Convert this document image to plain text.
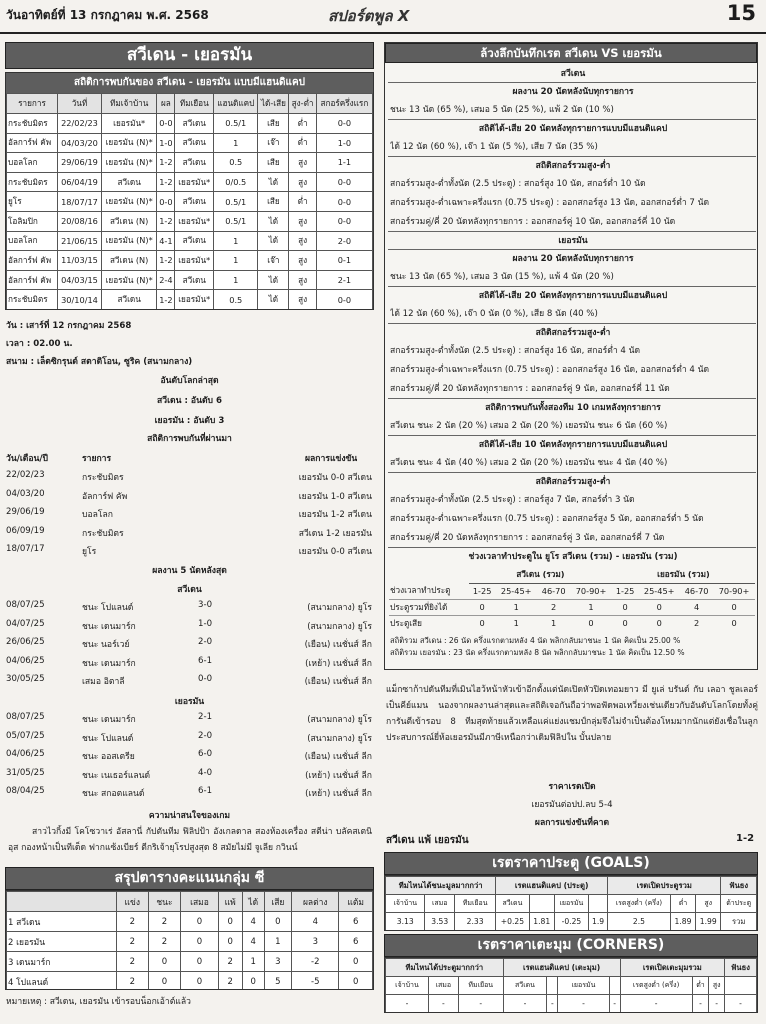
วันอาทิตย์ที่ 13 กรกฎาคม พ.ศ. 2568	สปอร์ตพูล X	15
สวีเดน - เยอรมัน
สถิติการพบกันของ สวีเดน - เยอรมัน แบบมีแฮนดิแคป
รายการ	วันที่	ทีมเจ้าบ้าน	ผล	ทีมเยือน	แฮนดิแคป	ได้-เสีย	สูง-ต่ำ	สกอร์ครึ่งแรก
กระชับมิตร	22/02/23	เยอรมัน*	0-0	สวีเดน	0.5/1	เสีย	ต่ำ	0-0
อัลการ์ฟ คัพ	04/03/20	เยอรมัน (N)*	1-0	สวีเดน	1	เจ๊า	ต่ำ	1-0
บอลโลก	29/06/19	เยอรมัน (N)*	1-2	สวีเดน	0.5	เสีย	สูง	1-1
กระชับมิตร	06/04/19	สวีเดน	1-2	เยอรมัน*	0/0.5	ได้	สูง	0-0
ยูโร	18/07/17	เยอรมัน (N)*	0-0	สวีเดน	0.5/1	เสีย	ต่ำ	0-0
โอลิมปิก	20/08/16	สวีเดน (N)	1-2	เยอรมัน*	0.5/1	ได้	สูง	0-0
บอลโลก	21/06/15	เยอรมัน (N)*	4-1	สวีเดน	1	ได้	สูง	2-0
อัลการ์ฟ คัพ	11/03/15	สวีเดน (N)	1-2	เยอรมัน*	1	เจ๊า	สูง	0-1
อัลการ์ฟ คัพ	04/03/15	เยอรมัน (N)*	2-4	สวีเดน	1	ได้	สูง	2-1
กระชับมิตร	30/10/14	สวีเดน	1-2	เยอรมัน*	0.5	ได้	สูง	0-0
วัน : เสาร์ที่ 12 กรกฎาคม 2568
เวลา : 02.00 น.
สนาม : เล็ตซิกรุนด์ สตาดิโอน, ซูริค (สนามกลาง)
อันดับโลกล่าสุด
สวีเดน : อันดับ 6
เยอรมัน : อันดับ 3
สถิติการพบกันที่ผ่านมา
วัน/เดือน/ปี	รายการ	ผลการแข่งขัน
22/02/23	กระชับมิตร	เยอรมัน 0-0 สวีเดน
04/03/20	อัลการ์ฟ คัพ	เยอรมัน 1-0 สวีเดน
29/06/19	บอลโลก	เยอรมัน 1-2 สวีเดน
06/09/19	กระชับมิตร	สวีเดน 1-2 เยอรมัน
18/07/17	ยูโร	เยอรมัน 0-0 สวีเดน
ผลงาน 5 นัดหลังสุด
สวีเดน
08/07/25	ชนะ โปแลนด์	3-0	(สนามกลาง) ยูโร
04/07/25	ชนะ เดนมาร์ก	1-0	(สนามกลาง) ยูโร
26/06/25	ชนะ นอร์เวย์	2-0	(เยือน) เนชั่นส์ ลีก
04/06/25	ชนะ เดนมาร์ก	6-1	(เหย้า) เนชั่นส์ ลีก
30/05/25	เสมอ อิตาลี	0-0	(เยือน) เนชั่นส์ ลีก
เยอรมัน
08/07/25	ชนะ เดนมาร์ก	2-1	(สนามกลาง) ยูโร
05/07/25	ชนะ โปแลนด์	2-0	(สนามกลาง) ยูโร
04/06/25	ชนะ ออสเตรีย	6-0	(เยือน) เนชั่นส์ ลีก
31/05/25	ชนะ เนเธอร์แลนด์	4-0	(เหย้า) เนชั่นส์ ลีก
08/04/25	ชนะ สกอตแลนด์	6-1	(เหย้า) เนชั่นส์ ลีก
ความน่าสนใจของเกม
สาวไวกิ้งมี โคโซวาเร่ อัสลานี่ กัปตันทีม ฟิลิปป้า อังเกลดาล สองห้องเครื่อง สตีน่า บลัคสเตนิอุส กองหน้าเป็นทีเด็ด ฟากแซ้งเบียร์ ตีกริเจ้ายุโรปสูงสุด 8 สมัยไม่มี จูเลีย กวินน์
สรุปตารางคะแนนกลุ่ม ซี
	แข่ง	ชนะ	เสมอ	แพ้	ได้	เสีย	ผลต่าง	แต้ม
1 สวีเดน	2	2	0	0	4	0	4	6
2 เยอรมัน	2	2	0	0	4	1	3	6
3 เดนมาร์ก	2	0	0	2	1	3	-2	0
4 โปแลนด์	2	0	0	2	0	5	-5	0
หมายเหตุ : สวีเดน, เยอรมัน เข้ารอบน็อกเอ้าต์แล้ว
ล้วงลึกบันทึกเรต สวีเดน VS เยอรมัน
สวีเดน
ผลงาน 20 นัดหลังนับทุกรายการ
ชนะ 13 นัด (65 %), เสมอ 5 นัด (25 %), แพ้ 2 นัด (10 %)
สถิติได้-เสีย 20 นัดหลังทุกรายการแบบมีแฮนดิแคป
ได้ 12 นัด (60 %), เจ๊า 1 นัด (5 %), เสีย 7 นัด (35 %)
สถิติสกอร์รวมสูง-ต่ำ
สกอร์รวมสูง-ต่ำทั้งนัด (2.5 ประตู) : สกอร์สูง 10 นัด, สกอร์ต่ำ 10 นัด
สกอร์รวมสูง-ต่ำเฉพาะครึ่งแรก (0.75 ประตู) : ออกสกอร์สูง 13 นัด, ออกสกอร์ต่ำ 7 นัด
สกอร์รวมคู่/คี่ 20 นัดหลังทุกรายการ : ออกสกอร์คู่ 10 นัด, ออกสกอร์คี่ 10 นัด
เยอรมัน
ผลงาน 20 นัดหลังนับทุกรายการ
ชนะ 13 นัด (65 %), เสมอ 3 นัด (15 %), แพ้ 4 นัด (20 %)
สถิติได้-เสีย 20 นัดหลังทุกรายการแบบมีแฮนดิแคป
ได้ 12 นัด (60 %), เจ๊า 0 นัด (0 %), เสีย 8 นัด (40 %)
สถิติสกอร์รวมสูง-ต่ำ
สกอร์รวมสูง-ต่ำทั้งนัด (2.5 ประตู) : สกอร์สูง 16 นัด, สกอร์ต่ำ 4 นัด
สกอร์รวมสูง-ต่ำเฉพาะครึ่งแรก (0.75 ประตู) : ออกสกอร์สูง 16 นัด, ออกสกอร์ต่ำ 4 นัด
สกอร์รวมคู่/คี่ 20 นัดหลังทุกรายการ : ออกสกอร์คู่ 9 นัด, ออกสกอร์คี่ 11 นัด
สถิติการพบกันทั้งสองทีม 10 เกมหลังทุกรายการ
สวีเดน ชนะ 2 นัด (20 %) เสมอ 2 นัด (20 %) เยอรมัน ชนะ 6 นัด (60 %)
สถิติได้-เสีย 10 นัดหลังทุกรายการแบบมีแฮนดิแคป
สวีเดน ชนะ 4 นัด (40 %) เสมอ 2 นัด (20 %) เยอรมัน ชนะ 4 นัด (40 %)
สถิติสกอร์รวมสูง-ต่ำ
สกอร์รวมสูง-ต่ำทั้งนัด (2.5 ประตู) : สกอร์สูง 7 นัด, สกอร์ต่ำ 3 นัด
สกอร์รวมสูง-ต่ำเฉพาะครึ่งแรก (0.75 ประตู) : ออกสกอร์สูง 5 นัด, ออกสกอร์ต่ำ 5 นัด
สกอร์รวมคู่/คี่ 20 นัดหลังทุกรายการ : ออกสกอร์คู่ 3 นัด, ออกสกอร์คี่ 7 นัด
ช่วงเวลาทำประตูใน ยูโร สวีเดน (รวม) - เยอรมัน (รวม)
	สวีเดน (รวม)				เยอรมัน (รวม)			
ช่วงเวลาทำประตู	1-25	25-45+	46-70	70-90+	1-25	25-45+	46-70	70-90+
ประตูรวมที่ยิงได้	0	1	2	1	0	0	4	0
ประตูเสีย	0	1	1	0	0	0	2	0
สถิติรวม สวีเดน : 26 นัด ครึ่งแรกตามหลัง 4 นัด พลิกกลับมาชนะ 1 นัด คิดเป็น 25.00 %
สถิติรวม เยอรมัน : 23 นัด ครึ่งแรกตามหลัง 8 นัด พลิกกลับมาชนะ 1 นัด คิดเป็น 12.50 %
แม็กซาก้าปดันทีมที่เมินไฮว้หน้าหัวเข้าอีกตั้งแต่นัดเปิดหัวปิดเทอมยาว มี ยูเล่ บรันด์ กับ เลอา ชูลเลอร์ เป็นคีย์แมน นองจากผลงานล่าสุดและสถิติเจอกันถือว่าพอฟัดพอเหวี่ยงเช่นเดียวกับอันดับโลกโดยทั้งคู่การันตีเข้ารอบ 8 ทีมสุดท้ายแล้วเหลือแค่แย่งแชมป์กลุ่มจึงไม่จำเป็นต้องโหมมากนักแต่ยังเชื่อในลูกประสบการณ์ยี่ห้อเยอรมันมีภาษีเหนือกว่าเดิมฟิลิปใน บั้นปลาย
ราคาเรตเปิด
เยอรมันต่อปป.ลบ 5-4
ผลการแข่งขันที่คาด
สวีเดน แพ้ เยอรมัน	1-2
เรตราคาประตู (GOALS)
ทีมไหนได้ชนะมูลมากกว่า			เรตแฮนดิแคป (ประตู)				เรตเปิดประตูรวม			ฟันธง
เจ้าบ้าน	เสมอ	ทีมเยือน	สวีเดน		เยอรมัน		เรตสูงต่ำ (ครึ่ง)	ต่ำ	สูง	ต้าประตู
3.13	3.53	2.33	+0.25	1.81	-0.25	1.9	2.5	1.89	1.99	รวม
เรตราคาเตะมุม (CORNERS)
ทีมไหนได้ประตูมากกว่า			เรตแฮนดิแคป (เตะมุม)				เรตเปิดเตะมุมรวม			ฟันธง
เจ้าบ้าน	เสมอ	ทีมเยือน	สวีเดน		เยอรมัน		เรตสูงต่ำ (ครึ่ง)	ต่ำ	สูง	
-	-	-	-	-	-	-	-	-	-	-
